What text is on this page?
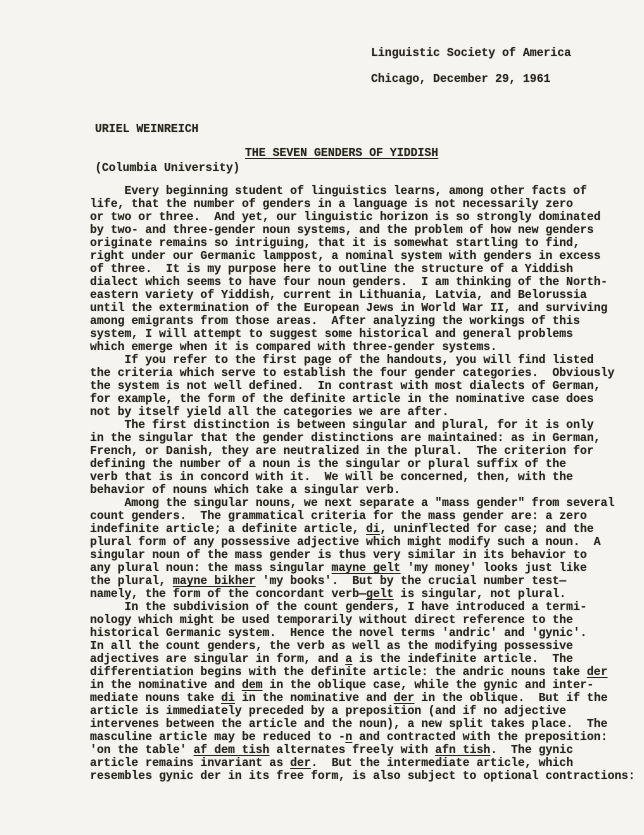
Linguistic Society of America
Chicago, December 29, 1961

URIEL WEINREICH

(Columbia University)

THE SEVEN GENDERS OF YIDDISH

Every beginning student of linguistics learns, among other facts of
life, that the number of genders in a language is not necessarily zero
or two or three.  And yet, our linguistic horizon is so strongly dominated
by two- and three-gender noun systems, and the problem of how new genders
originate remains so intriguing, that it is somewhat startling to find,
right under our Germanic lamppost, a nominal system with genders in excess
of three.  It is my purpose here to outline the structure of a Yiddish
dialect which seems to have four noun genders.  I am thinking of the North-
eastern variety of Yiddish, current in Lithuania, Latvia, and Belorussia
until the extermination of the European Jews in World War II, and surviving
among emigrants from those areas.  After analyzing the workings of this
system, I will attempt to suggest some historical and general problems
which emerge when it is compared with three-gender systems.

If you refer to the first page of the handouts, you will find listed
the criteria which serve to establish the four gender categories.  Obviously
the system is not well defined.  In contrast with most dialects of German,
for example, the form of the definite article in the nominative case does
not by itself yield all the categories we are after.

The first distinction is between singular and plural, for it is only
in the singular that the gender distinctions are maintained: as in German,
French, or Danish, they are neutralized in the plural.  The criterion for
defining the number of a noun is the singular or plural suffix of the
verb that is in concord with it.  We will be concerned, then, with the
behavior of nouns which take a singular verb.

Among the singular nouns, we next separate a "mass gender" from several
count genders.  The grammatical criteria for the mass gender are: a zero
indefinite article; a definite article, di, uninflected for case; and the
plural form of any possessive adjective which might modify such a noun.  A
singular noun of the mass gender is thus very similar in its behavior to
any plural noun: the mass singular mayne gelt 'my money' looks just like
the plural, mayne bikher 'my books'.  But by the crucial number test—
namely, the form of the concordant verb—gelt is singular, not plural.

In the subdivision of the count genders, I have introduced a termi-
nology which might be used temporarily without direct reference to the
historical Germanic system.  Hence the novel terms 'andric' and 'gynic'.
In all the count genders, the verb as well as the modifying possessive
adjectives are singular in form, and a is the indefinite article.  The
differentiation begins with the definite article: the andric nouns take der
in the nominative and dem in the oblique case, while the gynic and inter-
mediate nouns take di in the nominative and der in the oblique.  But if the
article is immediately preceded by a preposition (and if no adjective
intervenes between the article and the noun), a new split takes place.  The
masculine article may be reduced to -n and contracted with the preposition:
'on the table' af dem tish alternates freely with afn tish.  The gynic
article remains invariant as der.  But the intermediate article, which
resembles gynic der in its free form, is also subject to optional contractions:
